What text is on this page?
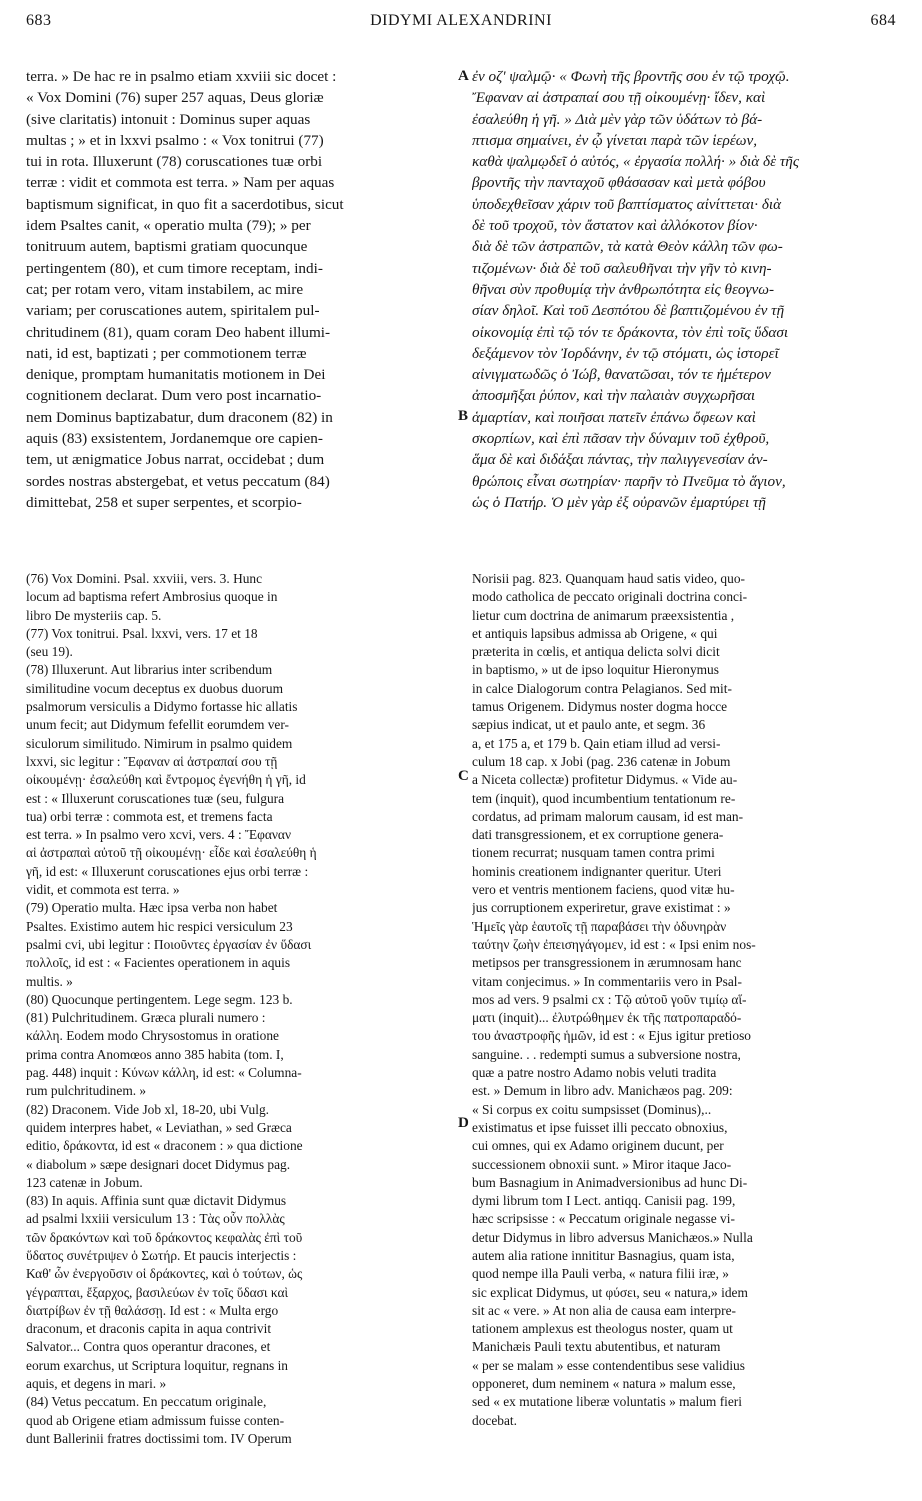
683	DIDYMI ALEXANDRINI	684
terra. » De hac re in psalmo etiam xxviii sic docet :
« Vox Domini (76) super 257 aquas, Deus gloriæ
(sive claritatis) intonuit : Dominus super aquas
multas ; » et in lxxvi psalmo : « Vox tonitrui (77)
tui in rota. Illuxerunt (78) coruscationes tuæ orbi
terræ : vidit et commota est terra. » Nam per aquas
baptismum significat, in quo fit a sacerdotibus, sicut
idem Psaltes canit, « operatio multa (79); » per
tonitruum autem, baptismi gratiam quocunque
pertingentem (80), et cum timore receptam, indi-
cat; per rotam vero, vitam instabilem, ac mire
variam; per coruscationes autem, spiritalem pul-
chritudinem (81), quam coram Deo habent illumi-
nati, id est, baptizati ; per commotionem terræ
denique, promptam humanitatis motionem in Dei
cognitionem declarat. Dum vero post incarnatio-
nem Dominus baptizabatur, dum draconem (82) in
aquis (83) exsistentem, Jordanemque ore capien-
tem, ut ænigmatice Jobus narrat, occidebat ; dum
sordes nostras abstergebat, et vetus peccatum (84)
dimittebat, 258 et super serpentes, et scorpio-
ἐν οζ' ψαλμῷ· « Φωνὴ τῆς βροντῆς σου ἐν τῷ τροχῷ.
Ἔφαναν αἱ ἀστραπαί σου τῇ οἰκουμένῃ· ἴδεν, καὶ
ἐσαλεύθη ἡ γῆ. » Διὰ μὲν γὰρ τῶν ὑδάτων τὸ βά-
πτισμα σημαίνει, ἐν ᾧ γίνεται παρὰ τῶν ἱερέων,
καθὰ ψαλμῳδεῖ ὁ αὐτός, « ἐργασία πολλή· » διὰ δὲ τῆς
βροντῆς τὴν πανταχοῦ φθάσασαν καὶ μετὰ φόβου
ὑποδεχθεῖσαν χάριν τοῦ βαπτίσματος αἰνίττεται· διὰ
δὲ τοῦ τροχοῦ, τὸν ἄστατον καὶ ἀλλόκοτον βίον·
διὰ δὲ τῶν ἀστραπῶν, τὰ κατὰ Θεὸν κάλλη τῶν φω-
τιζομένων· διὰ δὲ τοῦ σαλευθῆναι τὴν γῆν τὸ κινη-
θῆναι σὺν προθυμίᾳ τὴν ἀνθρωπότητα εἰς θεογνω-
σίαν δηλοῖ. Καὶ τοῦ Δεσπότου δὲ βαπτιζομένου ἐν τῇ
οἰκονομίᾳ ἐπὶ τῷ τόν τε δράκοντα, τὸν ἐπὶ τοῖς ὕδασι
δεξάμενον τὸν Ἰορδάνην, ἐν τῷ στόματι, ὡς ἱστορεῖ
αἰνιγματωδῶς ὁ Ἰώβ, θανατῶσαι, τόν τε ἡμέτερον
ἀποσμῆξαι ῥύπον, καὶ τὴν παλαιὰν συγχωρῆσαι
ἁμαρτίαν, καὶ ποιῆσαι πατεῖν ἐπάνω ὄφεων καὶ
σκορπίων, καὶ ἐπὶ πᾶσαν τὴν δύναμιν τοῦ ἐχθροῦ,
ἅμα δὲ καὶ διδάξαι πάντας, τὴν παλιγγενεσίαν ἀν-
θρώποις εἶναι σωτηρίαν· παρῆν τὸ Πνεῦμα τὸ ἅγιον,
ὡς ὁ Πατήρ. Ὁ μὲν γὰρ ἐξ οὐρανῶν ἐμαρτύρει τῇ
A
B
C
D
(76) Vox Domini. Psal. xxviii, vers. 3. Hunc
locum ad baptisma refert Ambrosius quoque in
libro De mysteriis cap. 5.
(77) Vox tonitrui. Psal. lxxvi, vers. 17 et 18
(seu 19).
(78) Illuxerunt. Aut librarius inter scribendum
similitudine vocum deceptus ex duobus duorum
psalmorum versiculis a Didymo fortasse hic allatis
unum fecit; aut Didymum fefellit eorumdem ver-
siculorum similitudo. Nimirum in psalmo quidem
lxxvi, sic legitur : Ἔφαναν αἱ ἀστραπαί σου τῇ
οἰκουμένῃ· ἐσαλεύθη καὶ ἔντρομος ἐγενήθη ἡ γῆ, id
est : « Illuxerunt coruscationes tuæ (seu, fulgura
tua) orbi terræ : commota est, et tremens facta
est terra. » In psalmo vero xcvi, vers. 4 : Ἔφαναν
αἱ ἀστραπαὶ αὐτοῦ τῇ οἰκουμένῃ· εἶδε καὶ ἐσαλεύθη ἡ
γῆ, id est: « Illuxerunt coruscationes ejus orbi terræ :
vidit, et commota est terra. »
(79) Operatio multa. Hæc ipsa verba non habet
Psaltes. Existimo autem hic respici versiculum 23
psalmi cvi, ubi legitur : Ποιοῦντες ἐργασίαν ἐν ὕδασι
πολλοῖς, id est : « Facientes operationem in aquis
multis. »
(80) Quocunque pertingentem. Lege segm. 123 b.
(81) Pulchritudinem. Græca plurali numero :
κάλλη. Eodem modo Chrysostomus in oratione
prima contra Anomœos anno 385 habita (tom. I,
pag. 448) inquit : Κύνων κάλλη, id est: « Columna-
rum pulchritudinem. »
(82) Draconem. Vide Job xl, 18-20, ubi Vulg.
quidem interpres habet, « Leviathan, » sed Græca
editio, δράκοντα, id est « draconem : » qua dictione
« diabolum » sæpe designari docet Didymus pag.
123 catenæ in Jobum.
(83) In aquis. Affinia sunt quæ dictavit Didymus
ad psalmi lxxiii versiculum 13 : Τὰς οὖν πολλὰς
τῶν δρακόντων καὶ τοῦ δράκοντος κεφαλὰς ἐπὶ τοῦ
ὕδατος συνέτριψεν ὁ Σωτήρ. Et paucis interjectis :
Καθ' ὧν ἐνεργοῦσιν οἱ δράκοντες, καὶ ὁ τούτων, ὡς
γέγραπται, ἔξαρχος, βασιλεύων ἐν τοῖς ὕδασι καὶ
διατρίβων ἐν τῇ θαλάσσῃ. Id est : « Multa ergo
draconum, et draconis capita in aqua contrivit
Salvator... Contra quos operantur dracones, et
eorum exarchus, ut Scriptura loquitur, regnans in
aquis, et degens in mari. »
(84) Vetus peccatum. En peccatum originale,
quod ab Origene etiam admissum fuisse conten-
dunt Ballerinii fratres doctissimi tom. IV Operum
Norisii pag. 823. Quanquam haud satis video, quo-
modo catholica de peccato originali doctrina conci-
lietur cum doctrina de animarum præexsistentia ,
et antiquis lapsibus admissa ab Origene, « qui
præterita in cœlis, et antiqua delicta solvi dicit
in baptismo, » ut de ipso loquitur Hieronymus
in calce Dialogorum contra Pelagianos. Sed mit-
tamus Origenem. Didymus noster dogma hocce
sæpius indicat, ut et paulo ante, et segm. 36
a, et 175 a, et 179 b. Qain etiam illud ad versi-
culum 18 cap. x Jobi (pag. 236 catenæ in Jobum
a Niceta collectæ) profitetur Didymus. « Vide au-
tem (inquit), quod incumbentium tentationum re-
cordatus, ad primam malorum causam, id est man-
dati transgressionem, et ex corruptione genera-
tionem recurrat; nusquam tamen contra primi
hominis creationem indignanter queritur. Uteri
vero et ventris mentionem faciens, quod vitæ hu-
jus corruptionem experiretur, grave existimat : »
Ἡμεῖς γὰρ ἑαυτοῖς τῇ παραβάσει τὴν ὀδυνηρὰν
ταύτην ζωὴν ἐπεισηγάγομεν, id est : « Ipsi enim nos-
metipsos per transgressionem in ærumnosam hanc
vitam conjecimus. » In commentariis vero in Psal-
mos ad vers. 9 psalmi cx : Τῷ αὐτοῦ γοῦν τιμίῳ αἵ-
ματι (inquit)... ἐλυτρώθημεν ἐκ τῆς πατροπαραδό-
του ἀναστροφῆς ἡμῶν, id est : « Ejus igitur pretioso
sanguine. . . redempti sumus a subversione nostra,
quæ a patre nostro Adamo nobis veluti tradita
est. » Demum in libro adv. Manichæos pag. 209:
« Si corpus ex coitu sumpsisset (Dominus),..
existimatus et ipse fuisset illi peccato obnoxius,
cui omnes, qui ex Adamo originem ducunt, per
successionem obnoxii sunt. » Miror itaque Jaco-
bum Basnagium in Animadversionibus ad hunc Di-
dymi librum tom I Lect. antiqq. Canisii pag. 199,
hæc scripsisse : « Peccatum originale negasse vi-
detur Didymus in libro adversus Manichæos.» Nulla
autem alia ratione innititur Basnagius, quam ista,
quod nempe illa Pauli verba, « natura filii iræ, »
sic explicat Didymus, ut φύσει, seu « natura,» idem
sit ac « vere. » At non alia de causa eam interpre-
tationem amplexus est theologus noster, quam ut
Manichæis Pauli textu abutentibus, et naturam
« per se malam » esse contendentibus sese validius
opponeret, dum neminem « natura » malum esse,
sed « ex mutatione liberæ voluntatis » malum fieri
docebat.
